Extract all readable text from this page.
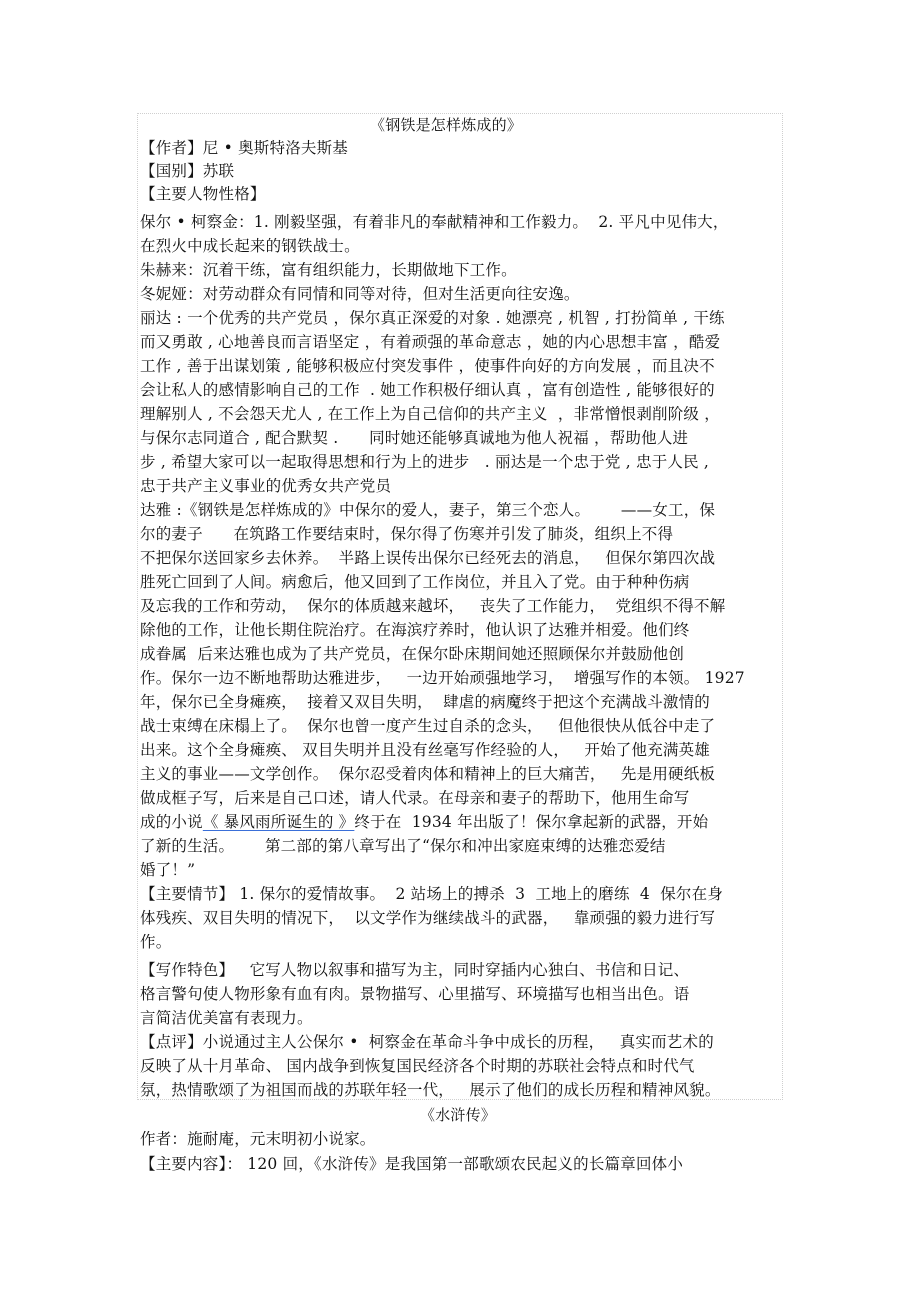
《钢铁是怎样炼成的》
【作者】尼 • 奥斯特洛夫斯基
【国别】苏联
【主要人物性格】
保尔 • 柯察金：1. 刚毅坚强，有着非凡的奉献精神和工作毅力。  2. 平凡中见伟大，
在烈火中成长起来的钢铁战士。
朱赫来：沉着干练，富有组织能力，长期做地下工作。
冬妮娅：对劳动群众有同情和同等对待，但对生活更向往安逸。
丽达 : 一个优秀的共产党员 ，保尔真正深爱的对象 . 她漂亮 , 机智 , 打扮简单 , 干练
而又勇敢 , 心地善良而言语坚定 ，有着顽强的革命意志 ，她的内心思想丰富 ，酷爱
工作 , 善于出谋划策 , 能够积极应付突发事件 ，使事件向好的方向发展 ，而且决不
会让私人的感情影响自己的工作  . 她工作积极仔细认真 ，富有创造性 , 能够很好的
理解别人 , 不会怨天尤人 , 在工作上为自己信仰的共产主义  ，非常憎恨剥削阶级 ，
与保尔志同道合 , 配合默契 .      同时她还能够真诚地为他人祝福 ，帮助他人进
步 , 希望大家可以一起取得思想和行为上的进步   . 丽达是一个忠于党 , 忠于人民 ,
忠于共产主义事业的优秀女共产党员
达雅 :《钢铁是怎样炼成的》中保尔的爱人，妻子，第三个恋人。      ——女工，保
尔的妻子      在筑路工作要结束时，保尔得了伤寒并引发了肺炎，组织上不得
不把保尔送回家乡去休养。  半路上误传出保尔已经死去的消息，   但保尔第四次战
胜死亡回到了人间。病愈后，他又回到了工作岗位，并且入了党。由于种种伤病
及忘我的工作和劳动，  保尔的体质越来越坏，   丧失了工作能力，  党组织不得不解
除他的工作，让他长期住院治疗。在海滨疗养时，他认识了达雅并相爱。他们终
成眷属  后来达雅也成为了共产党员，在保尔卧床期间她还照顾保尔并鼓励他创
作。保尔一边不断地帮助达雅进步，   一边开始顽强地学习，  增强写作的本领。 1927
年，保尔已全身瘫痪，  接着又双目失明，  肆虐的病魔终于把这个充满战斗激情的
战士束缚在床榻上了。  保尔也曾一度产生过自杀的念头，   但他很快从低谷中走了
出来。这个全身瘫痪、 双目失明并且没有丝毫写作经验的人，   开始了他充满英雄
主义的事业——文学创作。  保尔忍受着肉体和精神上的巨大痛苦，   先是用硬纸板
做成框子写，后来是自己口述，请人代录。在母亲和妻子的帮助下，他用生命写
成的小说《 暴风雨所诞生的 》终于在  1934 年出版了！保尔拿起新的武器，开始
了新的生活。      第二部的第八章写出了“保尔和冲出家庭束缚的达雅恋爱结
婚了！”
【主要情节】 1. 保尔的爱情故事。  2 站场上的搏杀  3  工地上的磨练  4  保尔在身
体残疾、双目失明的情况下，  以文学作为继续战斗的武器，   靠顽强的毅力进行写
作。
【写作特色】   它写人物以叙事和描写为主，同时穿插内心独白、书信和日记、
格言警句使人物形象有血有肉。景物描写、心里描写、环境描写也相当出色。语
言简洁优美富有表现力。
【点评】小说通过主人公保尔 •  柯察金在革命斗争中成长的历程，   真实而艺术的
反映了从十月革命、 国内战争到恢复国民经济各个时期的苏联社会特点和时代气
氛，热情歌颂了为祖国而战的苏联年轻一代，   展示了他们的成长历程和精神风貌。
《水浒传》
作者：施耐庵，元末明初小说家。
【主要内容】： 120 回，《水浒传》是我国第一部歌颂农民起义的长篇章回体小
